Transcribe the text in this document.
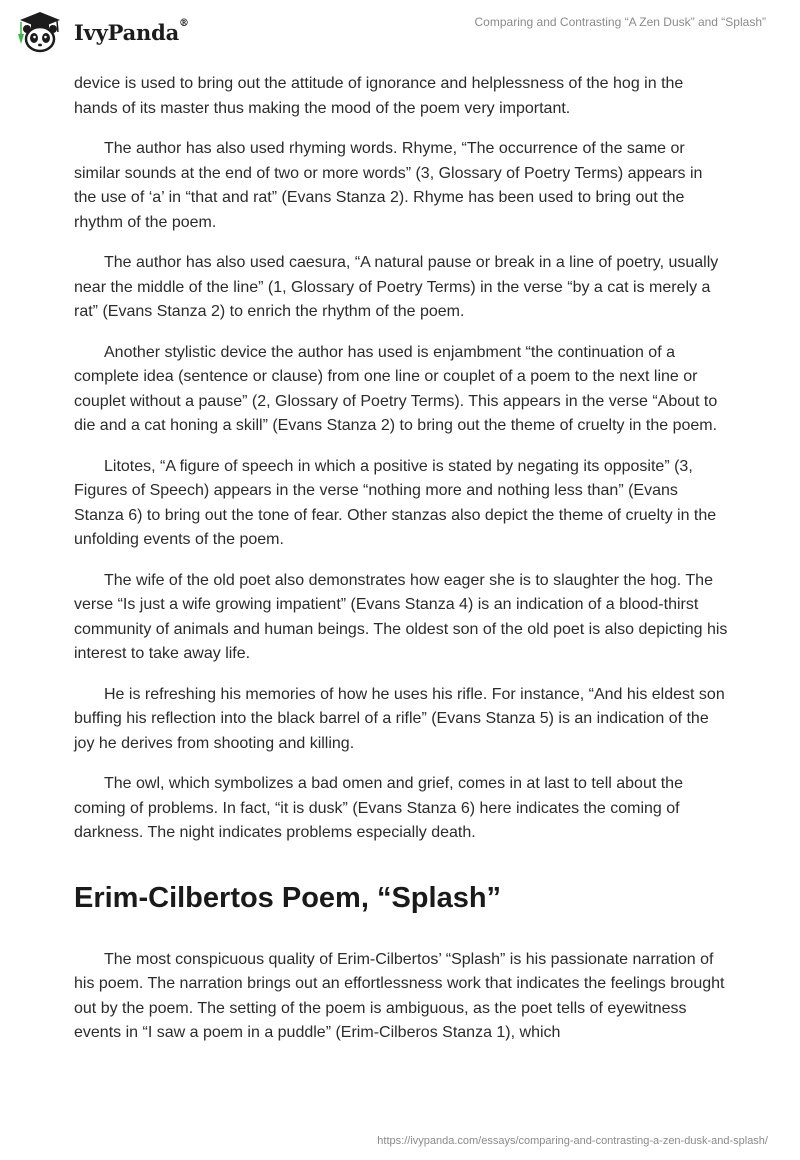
IvyPanda®	Comparing and Contrasting “A Zen Dusk” and “Splash”

device is used to bring out the attitude of ignorance and helplessness of the hog in the hands of its master thus making the mood of the poem very important.

The author has also used rhyming words. Rhyme, “The occurrence of the same or similar sounds at the end of two or more words” (3, Glossary of Poetry Terms) appears in the use of ‘a’ in “that and rat” (Evans Stanza 2). Rhyme has been used to bring out the rhythm of the poem.

The author has also used caesura, “A natural pause or break in a line of poetry, usually near the middle of the line” (1, Glossary of Poetry Terms) in the verse “by a cat is merely a rat” (Evans Stanza 2) to enrich the rhythm of the poem.

Another stylistic device the author has used is enjambment “the continuation of a complete idea (sentence or clause) from one line or couplet of a poem to the next line or couplet without a pause” (2, Glossary of Poetry Terms). This appears in the verse “About to die and a cat honing a skill” (Evans Stanza 2) to bring out the theme of cruelty in the poem.

Litotes, “A figure of speech in which a positive is stated by negating its opposite” (3, Figures of Speech) appears in the verse “nothing more and nothing less than” (Evans Stanza 6) to bring out the tone of fear. Other stanzas also depict the theme of cruelty in the unfolding events of the poem.

The wife of the old poet also demonstrates how eager she is to slaughter the hog. The verse “Is just a wife growing impatient” (Evans Stanza 4) is an indication of a blood-thirst community of animals and human beings. The oldest son of the old poet is also depicting his interest to take away life.

He is refreshing his memories of how he uses his rifle. For instance, “And his eldest son buffing his reflection into the black barrel of a rifle” (Evans Stanza 5) is an indication of the joy he derives from shooting and killing.

The owl, which symbolizes a bad omen and grief, comes in at last to tell about the coming of problems. In fact, “it is dusk” (Evans Stanza 6) here indicates the coming of darkness. The night indicates problems especially death.

Erim-Cilbertos Poem, “Splash”

The most conspicuous quality of Erim-Cilbertos’ “Splash” is his passionate narration of his poem. The narration brings out an effortlessness work that indicates the feelings brought out by the poem. The setting of the poem is ambiguous, as the poet tells of eyewitness events in “I saw a poem in a puddle” (Erim-Cilberos Stanza 1), which

https://ivypanda.com/essays/comparing-and-contrasting-a-zen-dusk-and-splash/
